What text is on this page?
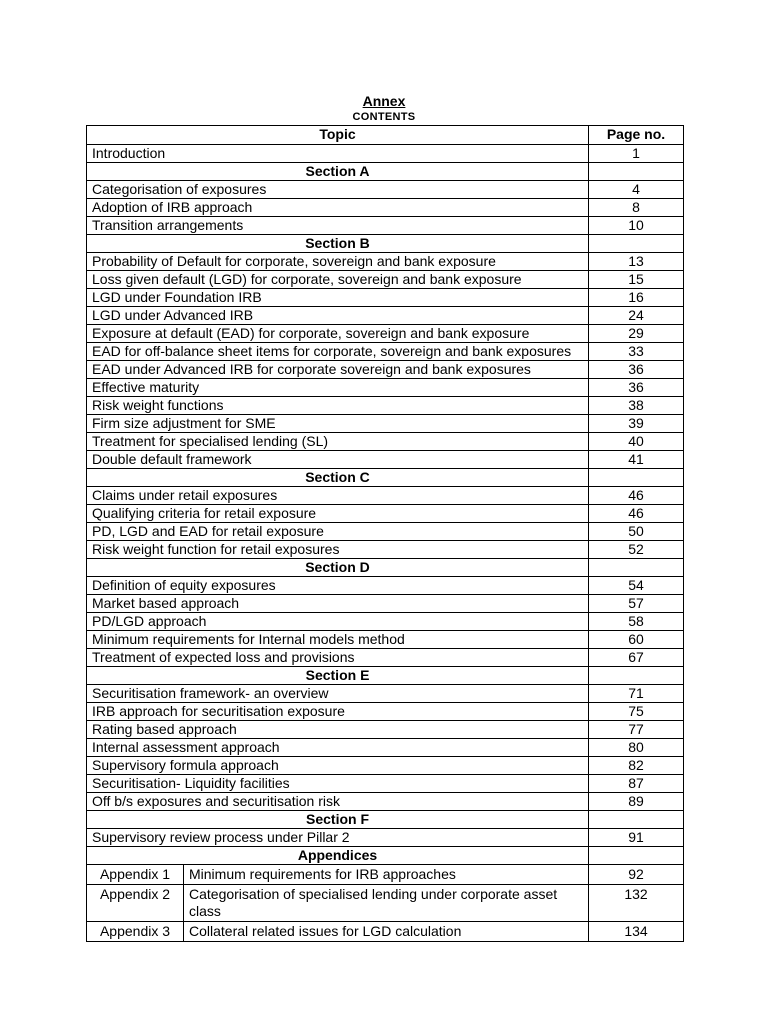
Annex
CONTENTS
Topic		Page no.
Introduction		1
Section A		
Categorisation of exposures		4
Adoption of IRB approach		8
Transition arrangements		10
Section B		
Probability of Default for corporate, sovereign and bank exposure		13
Loss given default (LGD) for corporate, sovereign and bank exposure		15
LGD under Foundation IRB		16
LGD under Advanced IRB		24
Exposure at default (EAD) for corporate, sovereign and bank exposure		29
EAD for off-balance sheet items for corporate, sovereign and bank exposures		33
EAD under Advanced IRB for corporate sovereign and bank exposures		36
Effective maturity		36
Risk weight functions		38
Firm size adjustment for SME		39
Treatment for specialised lending (SL)		40
Double default framework		41
Section C		
Claims under retail exposures		46
Qualifying criteria for retail exposure		46
PD, LGD and EAD for retail exposure		50
Risk weight function for retail exposures		52
Section D		
Definition of equity exposures		54
Market based approach		57
PD/LGD approach		58
Minimum requirements for Internal models method		60
Treatment of expected loss and provisions		67
Section E		
Securitisation framework- an overview		71
IRB approach for securitisation exposure		75
Rating based approach		77
Internal assessment approach		80
Supervisory formula approach		82
Securitisation- Liquidity facilities		87
Off b/s exposures and securitisation risk		89
Section F		
Supervisory review process under Pillar 2		91
Appendices		
Appendix 1	Minimum requirements for IRB approaches	92
Appendix 2	Categorisation of specialised lending under corporate asset class	132
Appendix 3	Collateral related issues for LGD calculation	134
